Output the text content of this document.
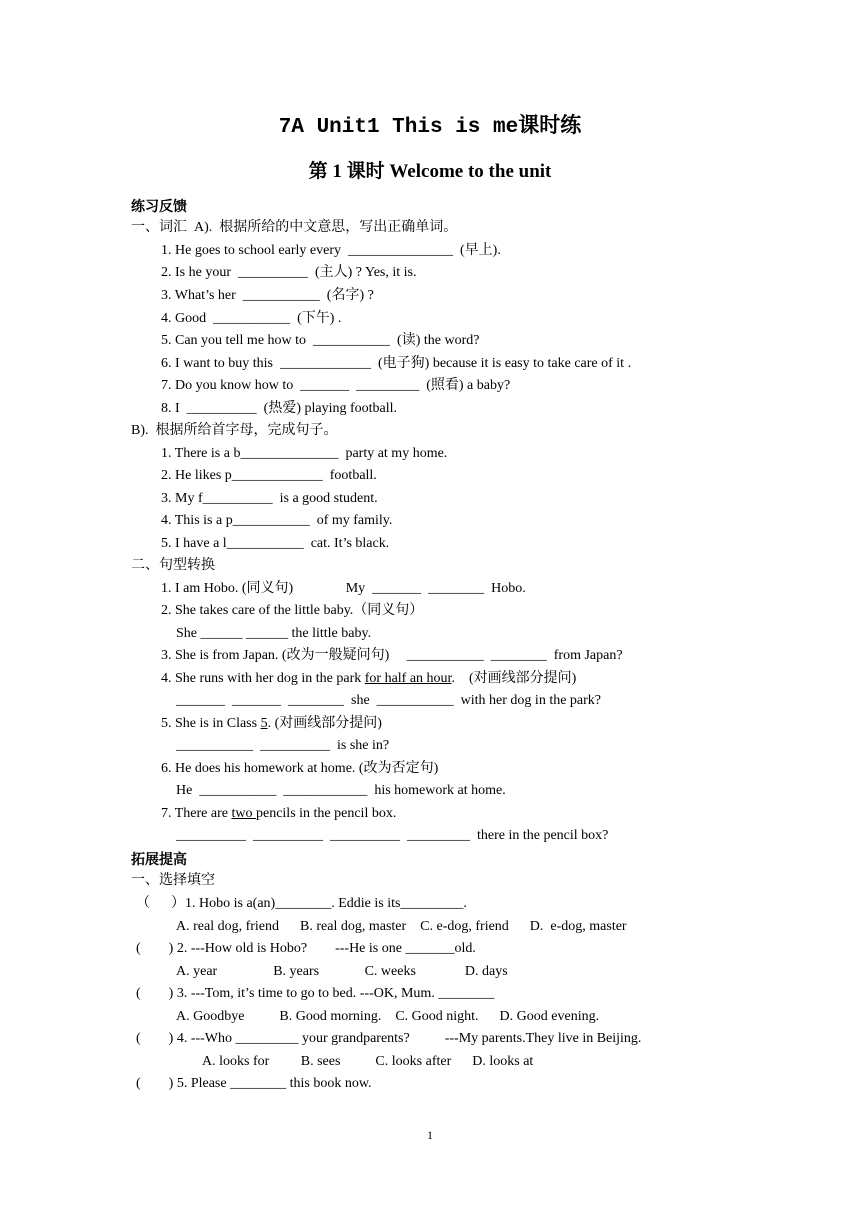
7A Unit1 This is me课时练
第 1 课时 Welcome to the unit
练习反馈
一、词汇  A).  根据所给的中文意思，写出正确单词。
1. He goes to school early every  _______________  (早上).
2. Is he your  __________  (主人) ? Yes, it is.
3. What’s her  ___________  (名字) ?
4. Good  ___________  (下午) .
5. Can you tell me how to  ___________  (读) the word?
6. I want to buy this  _____________  (电子狗) because it is easy to take care of it .
7. Do you know how to  _______  _________  (照看) a baby?
8. I  __________  (热爱) playing football.
B).  根据所给首字母，完成句子。
1. There is a b______________  party at my home.
2. He likes p_____________  football.
3. My f__________  is a good student.
4. This is a p___________  of my family.
5. I have a l___________  cat. It’s black.
二、句型转换
1. I am Hobo. (同义句)               My  _______  ________  Hobo.
2. She takes care of the little baby.（同义句）
She ______ ______ the little baby.
3. She is from Japan. (改为一般疑问句)     ___________  ________  from Japan?
4. She runs with her dog in the park for half an hour.    (对画线部分提问)
_______  _______  ________  she  ___________  with her dog in the park?
5. She is in Class 5. (对画线部分提问)
___________  __________  is she in?
6. He does his homework at home. (改为否定句)
He  ___________  ____________  his homework at home.
7. There are two pencils in the pencil box.
__________  __________  __________  _________  there in the pencil box?
拓展提高
一、选择填空
（      ）1. Hobo is a(an)________. Eddie is its_________.
A. real dog, friend      B. real dog, master    C. e-dog, friend      D.  e-dog, master
(        ) 2. ---How old is Hobo?        ---He is one _______old.
A. year                B. years             C. weeks              D. days
(        ) 3. ---Tom, it’s time to go to bed. ---OK, Mum. ________
A. Goodbye          B. Good morning.    C. Good night.      D. Good evening.
(        ) 4. ---Who _________ your grandparents?          ---My parents.They live in Beijing.
A. looks for         B. sees          C. looks after      D. looks at
(        ) 5. Please ________ this book now.
1
